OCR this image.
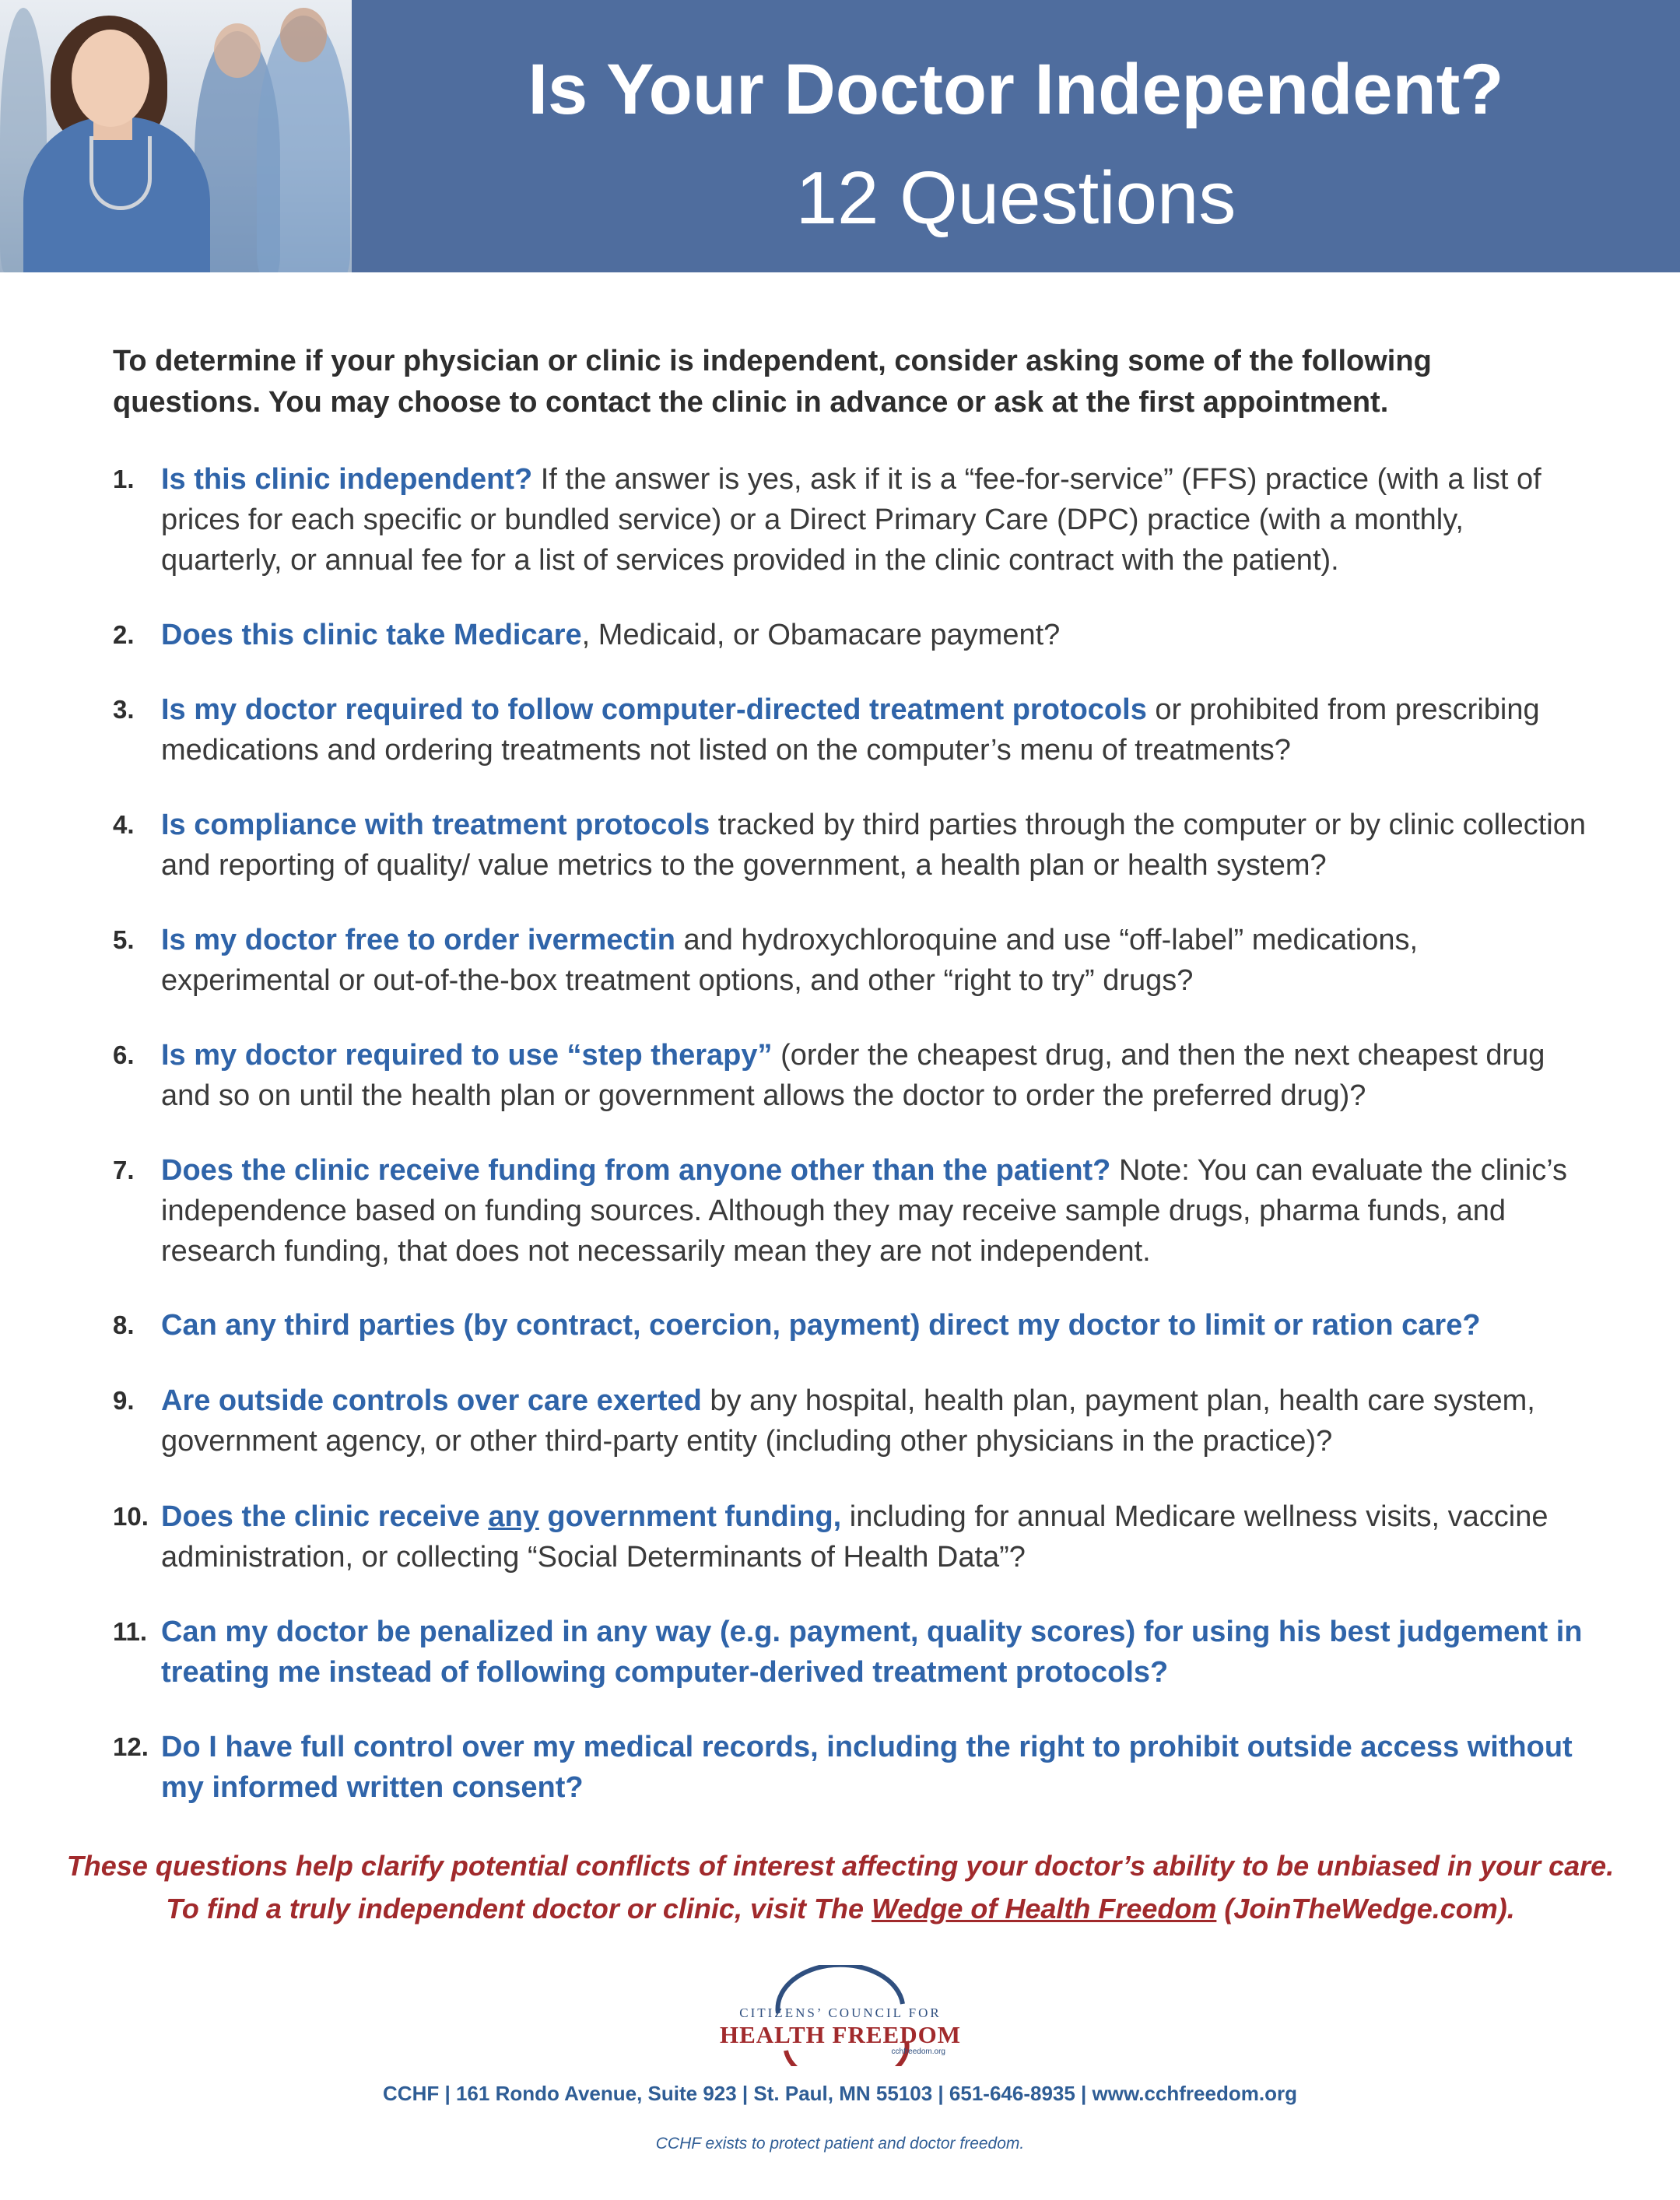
Is Your Doctor Independent?
12 Questions
To determine if your physician or clinic is independent, consider asking some of the following questions. You may choose to contact the clinic in advance or ask at the first appointment.
1. Is this clinic independent? If the answer is yes, ask if it is a “fee-for-service” (FFS) practice (with a list of prices for each specific or bundled service) or a Direct Primary Care (DPC) practice (with a monthly, quarterly, or annual fee for a list of services provided in the clinic contract with the patient).
2. Does this clinic take Medicare, Medicaid, or Obamacare payment?
3. Is my doctor required to follow computer-directed treatment protocols or prohibited from prescribing medications and ordering treatments not listed on the computer’s menu of treatments?
4. Is compliance with treatment protocols tracked by third parties through the computer or by clinic collection and reporting of quality/ value metrics to the government, a health plan or health system?
5. Is my doctor free to order ivermectin and hydroxychloroquine and use “off-label” medications, experimental or out-of-the-box treatment options, and other “right to try” drugs?
6. Is my doctor required to use “step therapy” (order the cheapest drug, and then the next cheapest drug and so on until the health plan or government allows the doctor to order the preferred drug)?
7. Does the clinic receive funding from anyone other than the patient? Note: You can evaluate the clinic’s independence based on funding sources. Although they may receive sample drugs, pharma funds, and research funding, that does not necessarily mean they are not independent.
8. Can any third parties (by contract, coercion, payment) direct my doctor to limit or ration care?
9. Are outside controls over care exerted by any hospital, health plan, payment plan, health care system, government agency, or other third-party entity (including other physicians in the practice)?
10. Does the clinic receive any government funding, including for annual Medicare wellness visits, vaccine administration, or collecting “Social Determinants of Health Data”?
11. Can my doctor be penalized in any way (e.g. payment, quality scores) for using his best judgement in treating me instead of following computer-derived treatment protocols?
12. Do I have full control over my medical records, including the right to prohibit outside access without my informed written consent?
These questions help clarify potential conflicts of interest affecting your doctor’s ability to be unbiased in your care. To find a truly independent doctor or clinic, visit The Wedge of Health Freedom (JoinTheWedge.com).
CITIZENS’ COUNCIL FOR
HEALTH FREEDOM
cchfreedom.org
CCHF | 161 Rondo Avenue, Suite 923 | St. Paul, MN 55103 | 651-646-8935 | www.cchfreedom.org
CCHF exists to protect patient and doctor freedom.
